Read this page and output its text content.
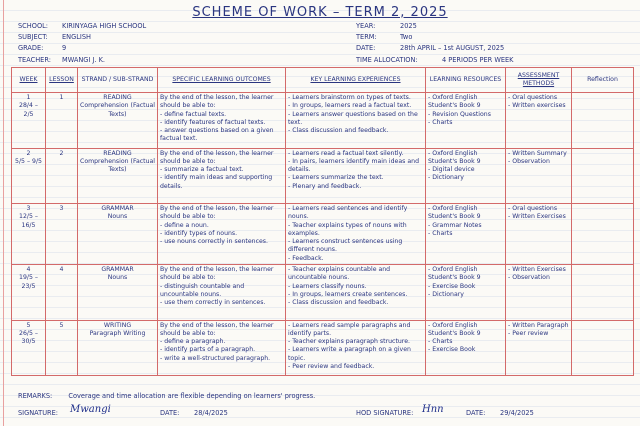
SCHEME OF WORK – TERM 2, 2025
SCHOOL: KIRINYAGA HIGH SCHOOL
SUBJECT: ENGLISH
GRADE:	9
TEACHER: MWANGI J. K.
YEAR:	2025
TERM:	Two
DATE:	28th APRIL – 1st AUGUST, 2025
TIME ALLOCATION:	4 PERIODS PER WEEK
WEEK	LESSON	STRAND / SUB-STRAND	SPECIFIC LEARNING OUTCOMES	KEY LEARNING EXPERIENCES	LEARNING RESOURCES	ASSESSMENT METHODS	Reflection

1
28/4 – 2/5	1	READING
Comprehension (Factual Texts)	By the end of the lesson, the learner should be able to:
- define factual texts.
- identify features of factual texts.
- answer questions based on a given factual text.	- Learners brainstorm on types of texts.
- In groups, learners read a factual text.
- Learners answer questions based on the text.
- Class discussion and feedback.	- Oxford English Student's Book 9
- Revision Questions
- Charts	- Oral questions
- Written exercises	

2
5/5 – 9/5	2	READING
Comprehension (Factual Texts)	By the end of the lesson, the learner should be able to:
- summarize a factual text.
- identify main ideas and supporting details.	- Learners read a factual text silently.
- In pairs, learners identify main ideas and details.
- Learners summarize the text.
- Plenary and feedback.	- Oxford English Student's Book 9
- Digital device
- Dictionary	- Written Summary
- Observation	

3
12/5 – 16/5	3	GRAMMAR
Nouns	By the end of the lesson, the learner should be able to:
- define a noun.
- identify types of nouns.
- use nouns correctly in sentences.	- Learners read sentences and identify nouns.
- Teacher explains types of nouns with examples.
- Learners construct sentences using different nouns.
- Feedback.	- Oxford English Student's Book 9
- Grammar Notes
- Charts	- Oral questions
- Written Exercises	

4
19/5 – 23/5	4	GRAMMAR
Nouns	By the end of the lesson, the learner should be able to:
- distinguish countable and uncountable nouns.
- use them correctly in sentences.	- Teacher explains countable and uncountable nouns.
- Learners classify nouns.
- In groups, learners create sentences.
- Class discussion and feedback.	- Oxford English Student's Book 9
- Exercise Book
- Dictionary	- Written Exercises
- Observation	

5
26/5 – 30/5	5	WRITING
Paragraph Writing	By the end of the lesson, the learner should be able to:
- define a paragraph.
- identify parts of a paragraph.
- write a well-structured paragraph.	- Learners read sample paragraphs and identify parts.
- Teacher explains paragraph structure.
- Learners write a paragraph on a given topic.
- Peer review and feedback.	- Oxford English Student's Book 9
- Charts
- Exercise Book	- Written Paragraph
- Peer review	

REMARKS: Coverage and time allocation are flexible depending on learners' progress.
SIGNATURE: Mwangi	DATE: 28/4/2025	HOD SIGNATURE: Hnn	DATE: 29/4/2025
